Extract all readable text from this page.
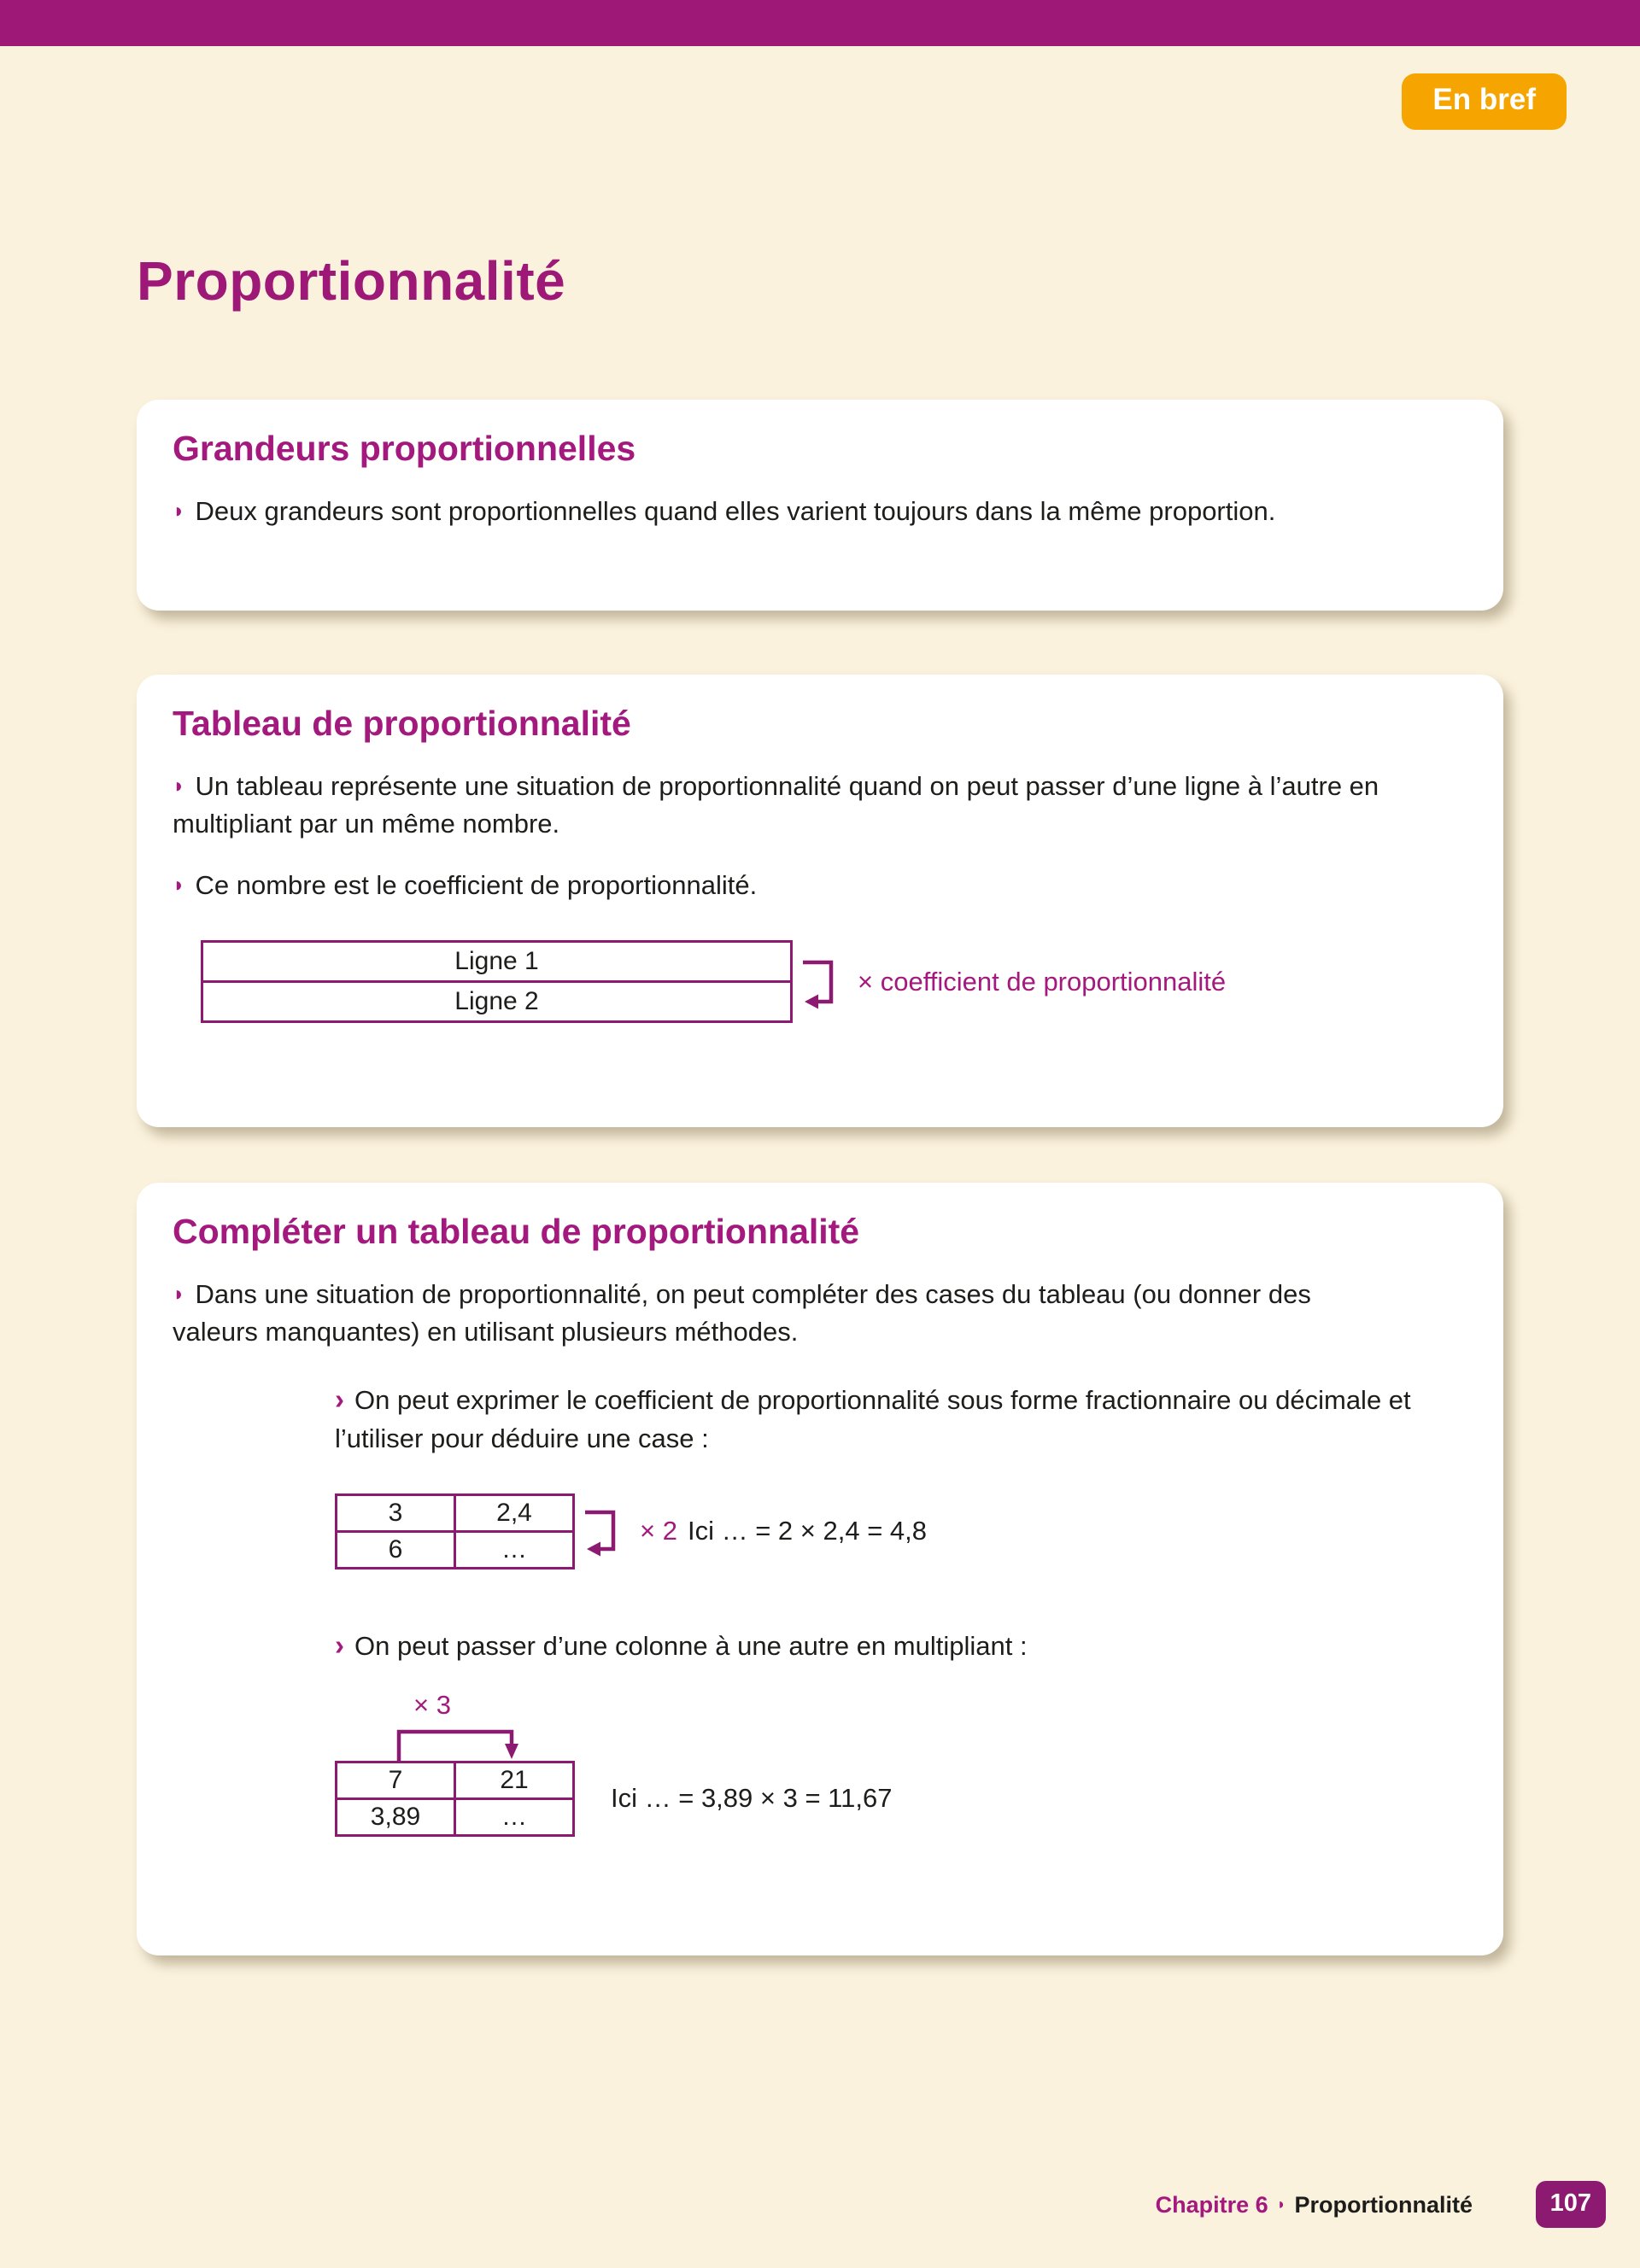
En bref
Proportionnalité
Grandeurs proportionnelles

◗ Deux grandeurs sont proportionnelles quand elles varient toujours dans la même proportion.

Tableau de proportionnalité

◗ Un tableau représente une situation de proportionnalité quand on peut passer d’une ligne à l’autre en multipliant par un même nombre.

◗ Ce nombre est le coefficient de proportionnalité.

Ligne 1
Ligne 2
× coefficient de proportionnalité
Compléter un tableau de proportionnalité

◗ Dans une situation de proportionnalité, on peut compléter des cases du tableau (ou donner des valeurs manquantes) en utilisant plusieurs méthodes.

› On peut exprimer le coefficient de proportionnalité sous forme fractionnaire ou décimale et l’utiliser pour déduire une case :

3	2,4
6	…
× 2 Ici … = 2 × 2,4 = 4,8

› On peut passer d’une colonne à une autre en multipliant :

× 3
7	21
3,89	…
Ici … = 3,89 × 3 = 11,67
Chapitre 6 ◗ Proportionnalité	107
